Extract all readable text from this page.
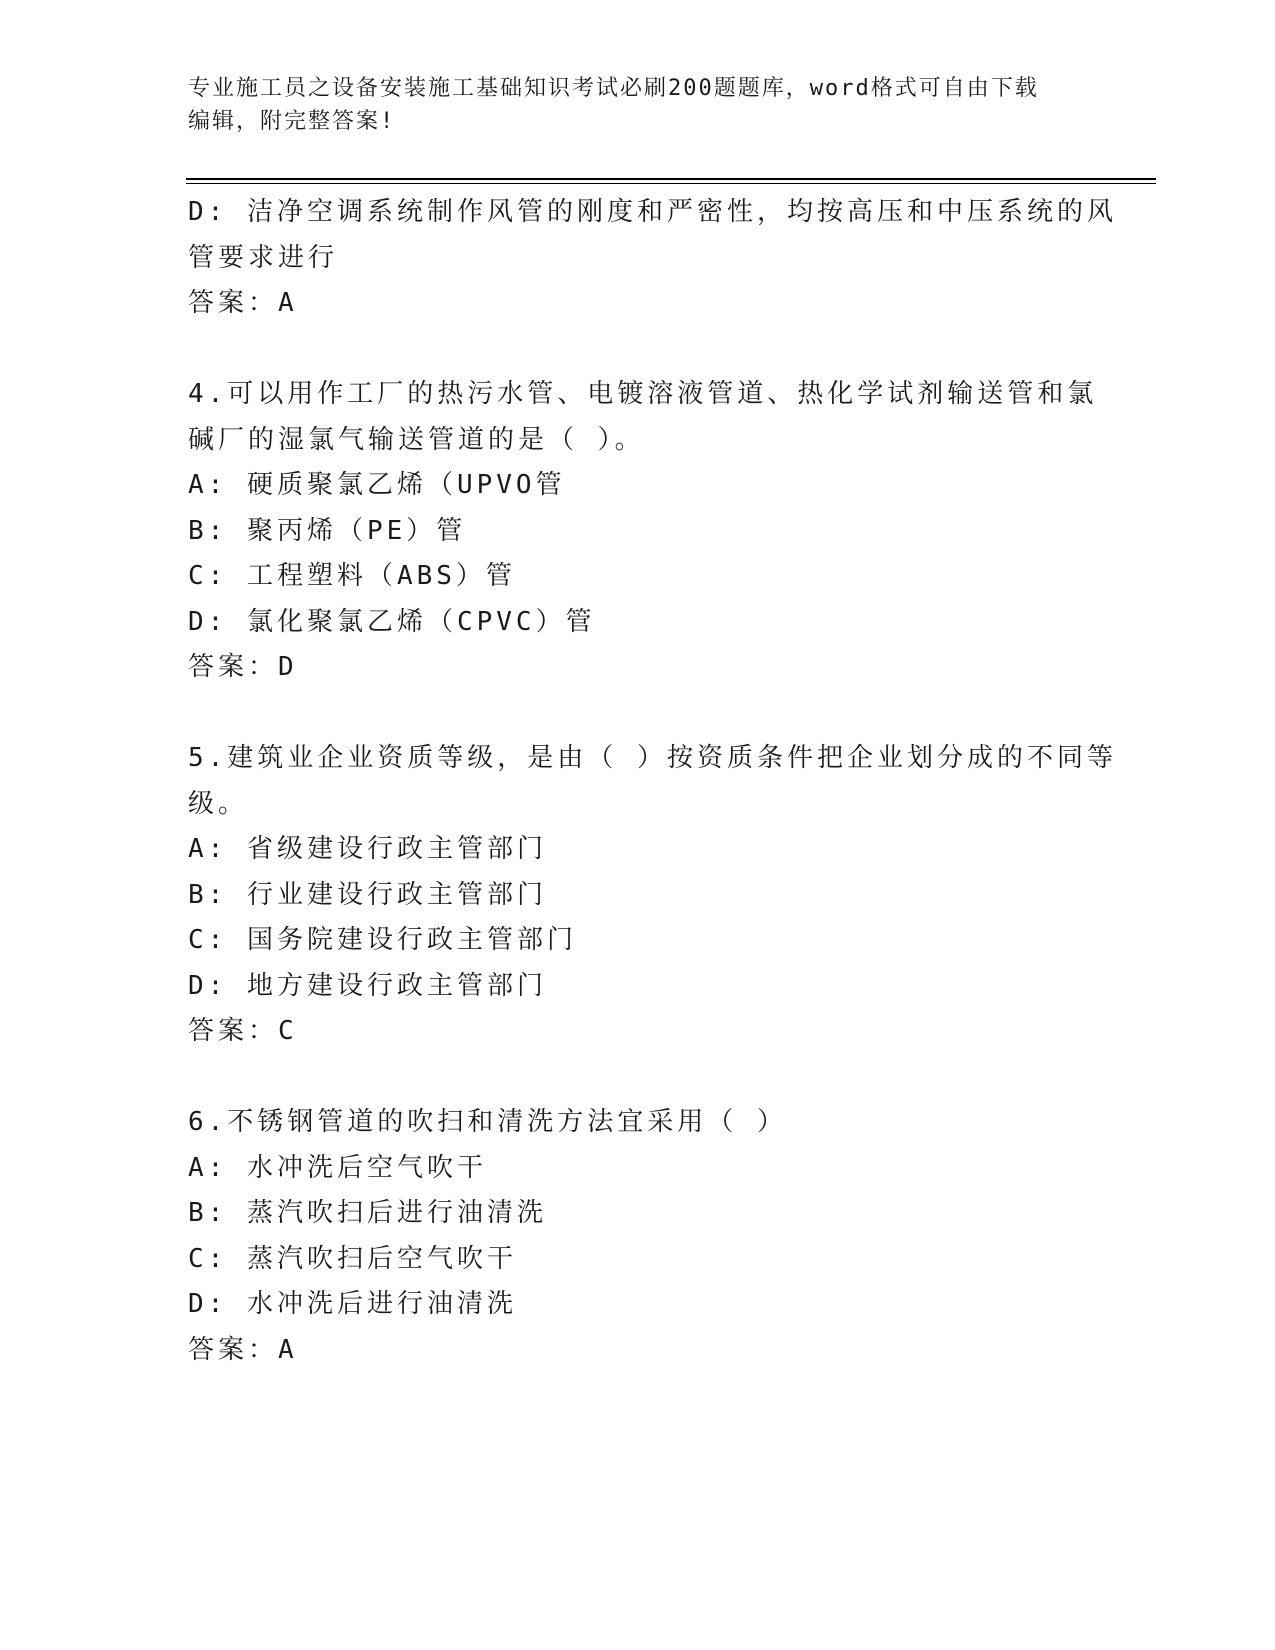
专业施工员之设备安装施工基础知识考试必刷200题题库，word格式可自由下载
编辑，附完整答案!
D: 洁净空调系统制作风管的刚度和严密性，均按高压和中压系统的风
管要求进行
答案：A
4.可以用作工厂的热污水管、电镀溶液管道、热化学试剂输送管和氯
碱厂的湿氯气输送管道的是（ ）。
A: 硬质聚氯乙烯（UPVO管
B: 聚丙烯（PE）管
C: 工程塑料（ABS）管
D: 氯化聚氯乙烯（CPVC）管
答案：D
5.建筑业企业资质等级，是由（ ）按资质条件把企业划分成的不同等
级。
A: 省级建设行政主管部门
B: 行业建设行政主管部门
C: 国务院建设行政主管部门
D: 地方建设行政主管部门
答案：C
6.不锈钢管道的吹扫和清洗方法宜采用（ ）
A: 水冲洗后空气吹干
B: 蒸汽吹扫后进行油清洗
C: 蒸汽吹扫后空气吹干
D: 水冲洗后进行油清洗
答案：A
